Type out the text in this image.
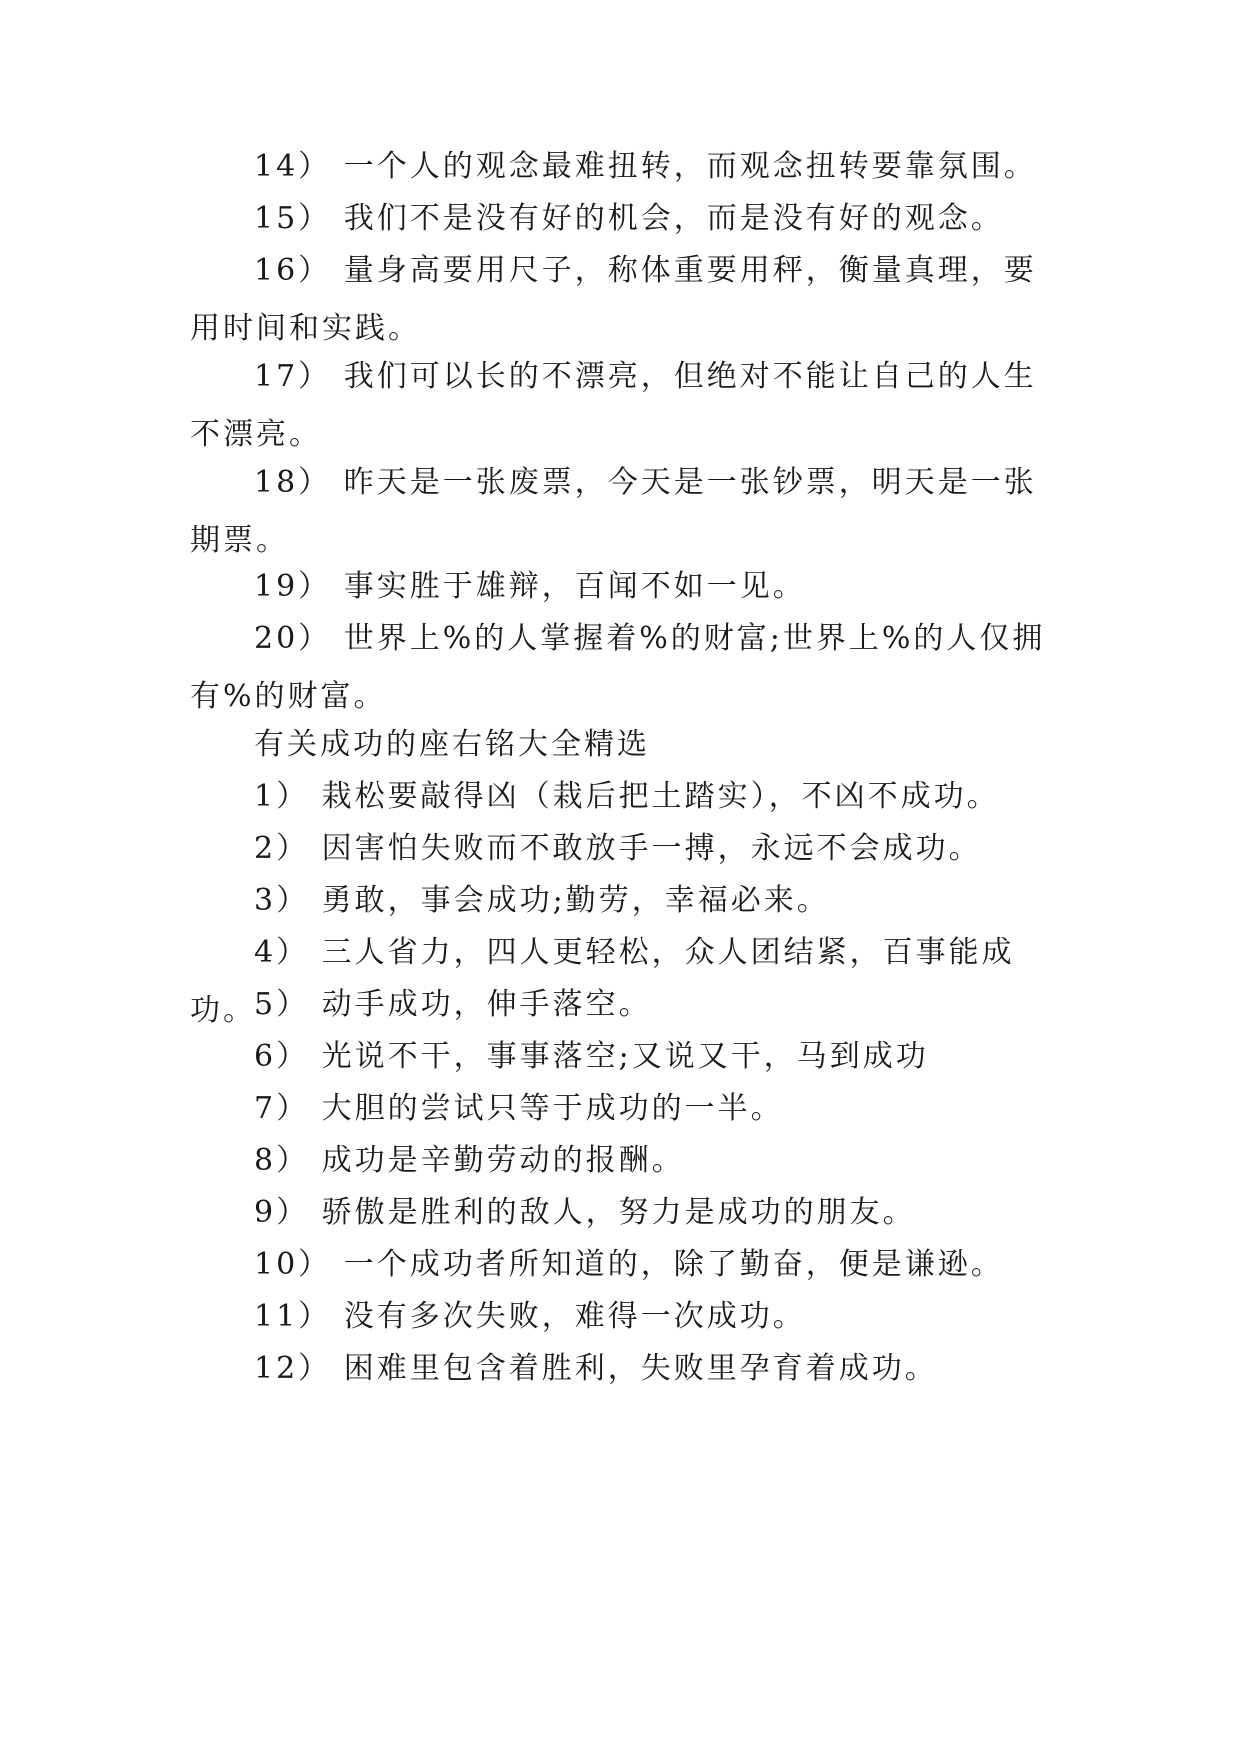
14） 一个人的观念最难扭转，而观念扭转要靠氛围。

15） 我们不是没有好的机会，而是没有好的观念。

16） 量身高要用尺子，称体重要用秤，衡量真理，要用时间和实践。

17） 我们可以长的不漂亮，但绝对不能让自己的人生不漂亮。

18） 昨天是一张废票，今天是一张钞票，明天是一张期票。

19） 事实胜于雄辩，百闻不如一见。

20） 世界上%的人掌握着%的财富;世界上%的人仅拥有%的财富。

有关成功的座右铭大全精选

1） 栽松要敲得凶（栽后把土踏实），不凶不成功。

2） 因害怕失败而不敢放手一搏，永远不会成功。

3） 勇敢，事会成功;勤劳，幸福必来。

4） 三人省力，四人更轻松，众人团结紧，百事能成功。

5） 动手成功，伸手落空。

6） 光说不干，事事落空;又说又干，马到成功

7） 大胆的尝试只等于成功的一半。

8） 成功是辛勤劳动的报酬。

9） 骄傲是胜利的敌人，努力是成功的朋友。

10） 一个成功者所知道的，除了勤奋，便是谦逊。

11） 没有多次失败，难得一次成功。

12） 困难里包含着胜利，失败里孕育着成功。
